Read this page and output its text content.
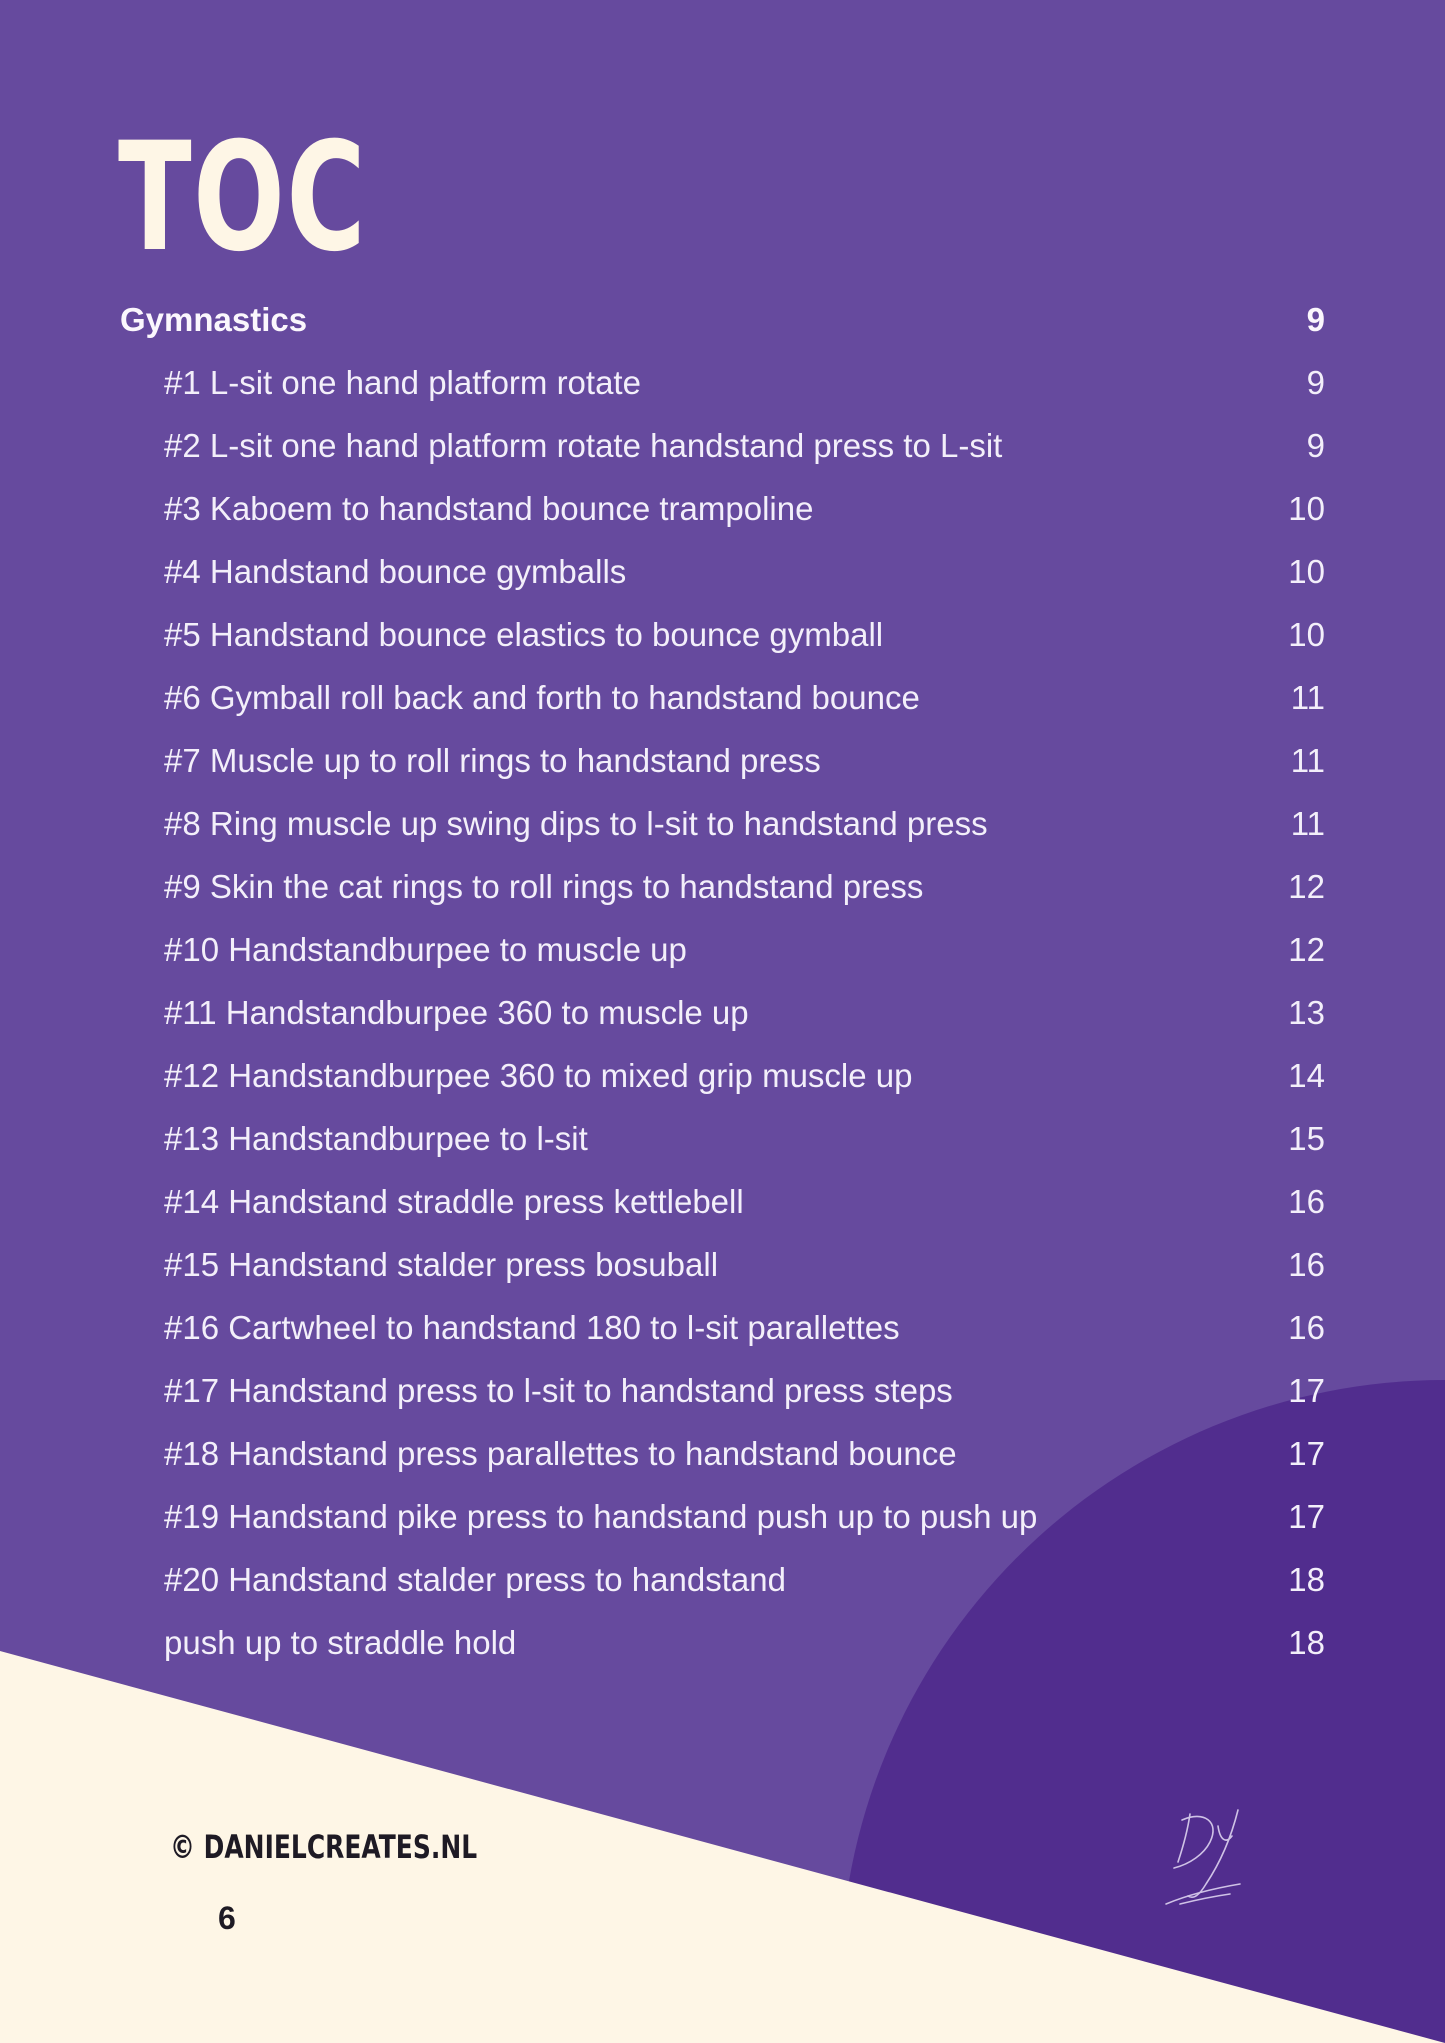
TOC
Gymnastics	9
#1 L-sit one hand platform rotate	9
#2 L-sit one hand platform rotate handstand press to L-sit	9
#3 Kaboem to handstand bounce trampoline	10
#4 Handstand bounce gymballs	10
#5 Handstand bounce elastics to bounce gymball	10
#6 Gymball roll back and forth to handstand bounce	11
#7 Muscle up to roll rings to handstand press	11
#8 Ring muscle up swing dips to l-sit to handstand press	11
#9 Skin the cat rings to roll rings to handstand press	12
#10 Handstandburpee to muscle up	12
#11 Handstandburpee 360 to muscle up	13
#12 Handstandburpee 360 to mixed grip muscle up	14
#13 Handstandburpee to l-sit	15
#14 Handstand straddle press kettlebell	16
#15 Handstand stalder press bosuball	16
#16 Cartwheel to handstand 180 to l-sit parallettes	16
#17 Handstand press to l-sit to handstand press steps	17
#18 Handstand press parallettes to handstand bounce	17
#19 Handstand pike press to handstand push up to push up	17
#20 Handstand stalder press to handstand	18
push up to straddle hold	18
© DANIELCREATES.NL
6
